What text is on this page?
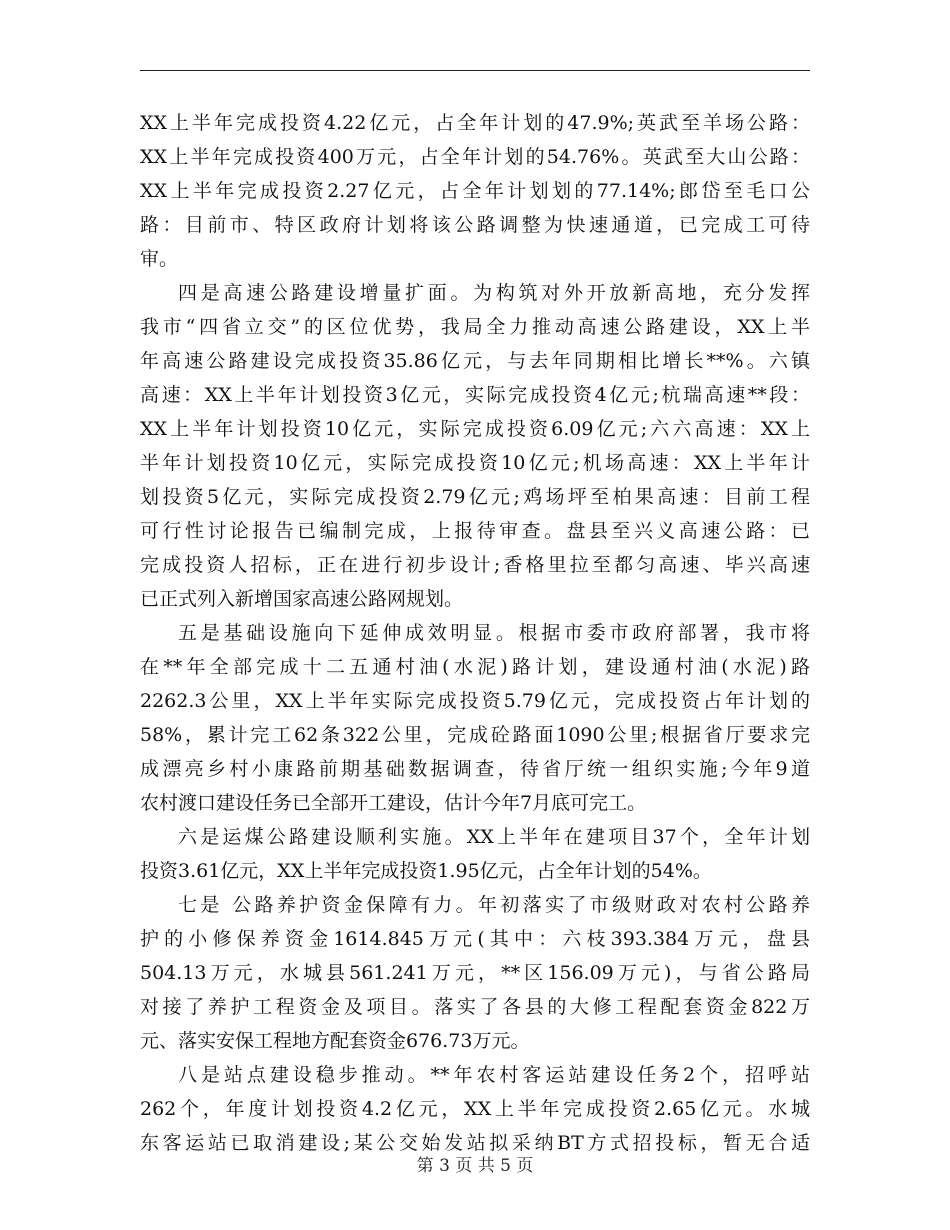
XX上半年完成投资4.22亿元，占全年计划的47.9%;英武至羊场公路：
XX上半年完成投资400万元，占全年计划的54.76%。英武至大山公路：
XX上半年完成投资2.27亿元，占全年计划划的77.14%;郎岱至毛口公
路：目前市、特区政府计划将该公路调整为快速通道，已完成工可待
审。
四是高速公路建设增量扩面。为构筑对外开放新高地，充分发挥
我市“四省立交”的区位优势，我局全力推动高速公路建设，XX上半
年高速公路建设完成投资35.86亿元，与去年同期相比增长**%。六镇
高速：XX上半年计划投资3亿元，实际完成投资4亿元;杭瑞高速**段：
XX上半年计划投资10亿元，实际完成投资6.09亿元;六六高速：XX上
半年计划投资10亿元，实际完成投资10亿元;机场高速：XX上半年计
划投资5亿元，实际完成投资2.79亿元;鸡场坪至柏果高速：目前工程
可行性讨论报告已编制完成，上报待审查。盘县至兴义高速公路：已
完成投资人招标，正在进行初步设计;香格里拉至都匀高速、毕兴高速
已正式列入新增国家高速公路网规划。
五是基础设施向下延伸成效明显。根据市委市政府部署，我市将
在**年全部完成十二五通村油(水泥)路计划，建设通村油(水泥)路
2262.3公里，XX上半年实际完成投资5.79亿元，完成投资占年计划的
58%，累计完工62条322公里，完成砼路面1090公里;根据省厅要求完
成漂亮乡村小康路前期基础数据调查，待省厅统一组织实施;今年9道
农村渡口建设任务已全部开工建设，估计今年7月底可完工。
六是运煤公路建设顺利实施。XX上半年在建项目37个，全年计划
投资3.61亿元，XX上半年完成投资1.95亿元，占全年计划的54%。
七是 公路养护资金保障有力。年初落实了市级财政对农村公路养
护的小修保养资金1614.845万元(其中：六枝393.384万元，盘县
504.13万元，水城县561.241万元，**区156.09万元)，与省公路局
对接了养护工程资金及项目。落实了各县的大修工程配套资金822万
元、落实安保工程地方配套资金676.73万元。
八是站点建设稳步推动。**年农村客运站建设任务2个，招呼站
262个，年度计划投资4.2亿元，XX上半年完成投资2.65亿元。水城
东客运站已取消建设;某公交始发站拟采纳BT方式招投标，暂无合适
第 3 页 共 5 页
